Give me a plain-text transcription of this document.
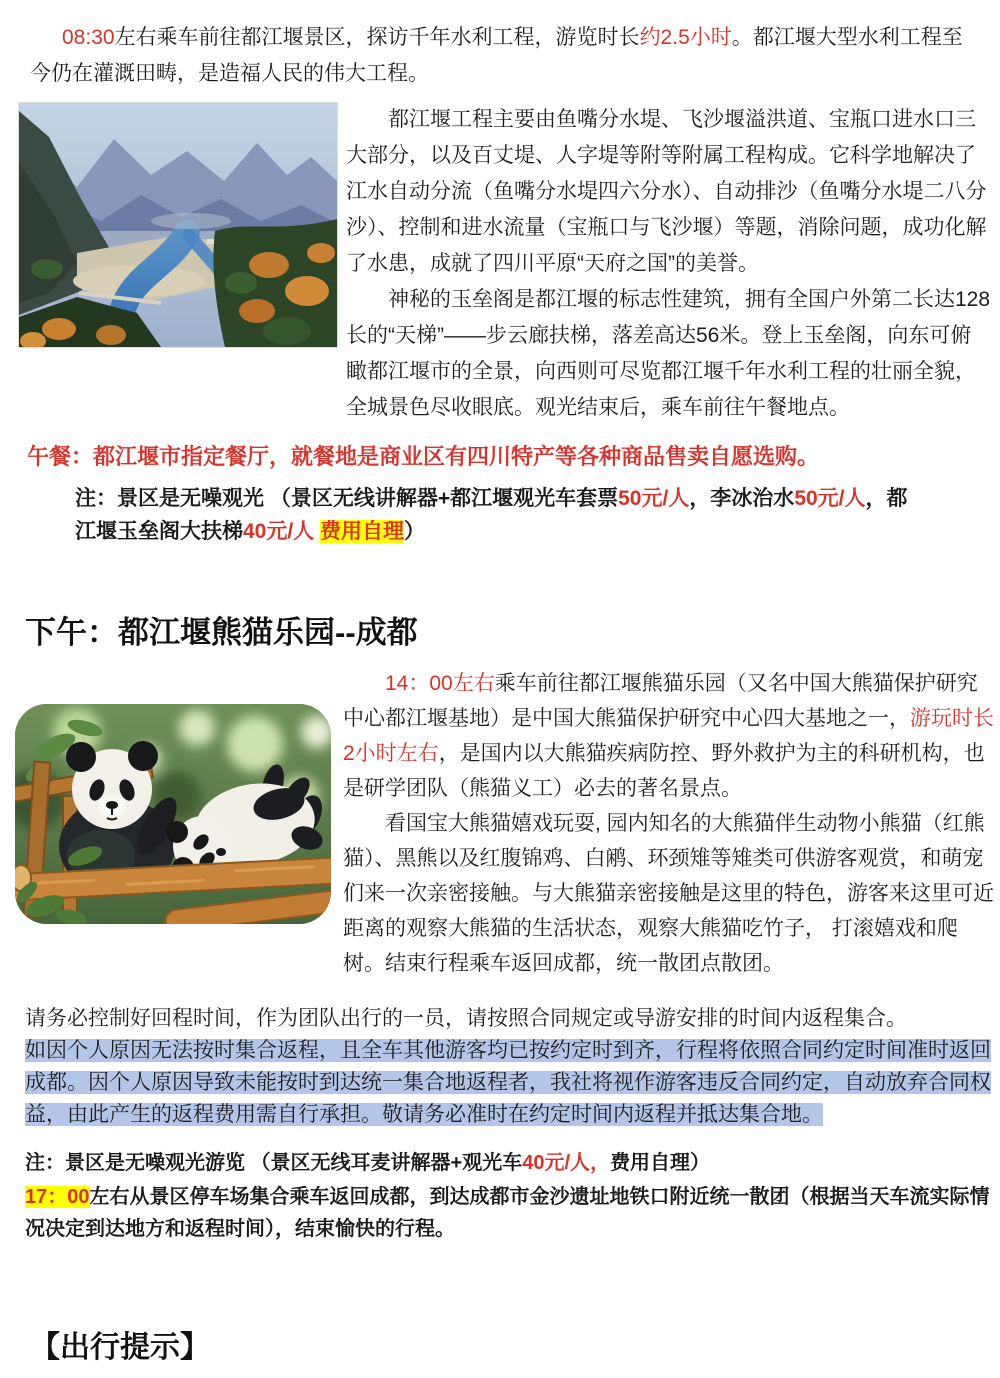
08:30左右乘车前往都江堰景区，探访千年水利工程，游览时长约2.5小时。都江堰大型水利工程至今仍在灌溉田畴，是造福人民的伟大工程。

都江堰工程主要由鱼嘴分水堤、飞沙堰溢洪道、宝瓶口进水口三大部分，以及百丈堤、人字堤等附等附属工程构成。它科学地解决了江水自动分流（鱼嘴分水堤四六分水）、自动排沙（鱼嘴分水堤二八分沙）、控制和进水流量（宝瓶口与飞沙堰）等题，消除问题，成功化解了水患，成就了四川平原“天府之国”的美誉。

神秘的玉垒阁是都江堰的标志性建筑，拥有全国户外第二长达128长的“天梯”——步云廊扶梯，落差高达56米。登上玉垒阁，向东可俯瞰都江堰市的全景，向西则可尽览都江堰千年水利工程的壮丽全貌，全城景色尽收眼底。观光结束后，乘车前往午餐地点。

午餐：都江堰市指定餐厅，就餐地是商业区有四川特产等各种商品售卖自愿选购。

注：景区是无噪观光 （景区无线讲解器+都江堰观光车套票50元/人，李冰治水50元/人，都江堰玉垒阁大扶梯40元/人 费用自理）

下午：都江堰熊猫乐园--成都

14：00左右乘车前往都江堰熊猫乐园（又名中国大熊猫保护研究中心都江堰基地）是中国大熊猫保护研究中心四大基地之一，游玩时长2小时左右，是国内以大熊猫疾病防控、野外救护为主的科研机构，也是研学团队（熊猫义工）必去的著名景点。

看国宝大熊猫嬉戏玩耍, 园内知名的大熊猫伴生动物小熊猫（红熊猫）、黑熊以及红腹锦鸡、白鹇、环颈雉等雉类可供游客观赏，和萌宠们来一次亲密接触。与大熊猫亲密接触是这里的特色，游客来这里可近距离的观察大熊猫的生活状态，观察大熊猫吃竹子， 打滚嬉戏和爬树。结束行程乘车返回成都，统一散团点散团。

请务必控制好回程时间，作为团队出行的一员，请按照合同规定或导游安排的时间内返程集合。
如因个人原因无法按时集合返程，且全车其他游客均已按约定时到齐，行程将依照合同约定时间准时返回成都。因个人原因导致未能按时到达统一集合地返程者，我社将视作游客违反合同约定，自动放弃合同权益，由此产生的返程费用需自行承担。敬请务必准时在约定时间内返程并抵达集合地。

注：景区是无噪观光游览 （景区无线耳麦讲解器+观光车40元/人，费用自理）

17：00左右从景区停车场集合乘车返回成都，到达成都市金沙遗址地铁口附近统一散团（根据当天车流实际情况决定到达地方和返程时间），结束愉快的行程。

【出行提示】
